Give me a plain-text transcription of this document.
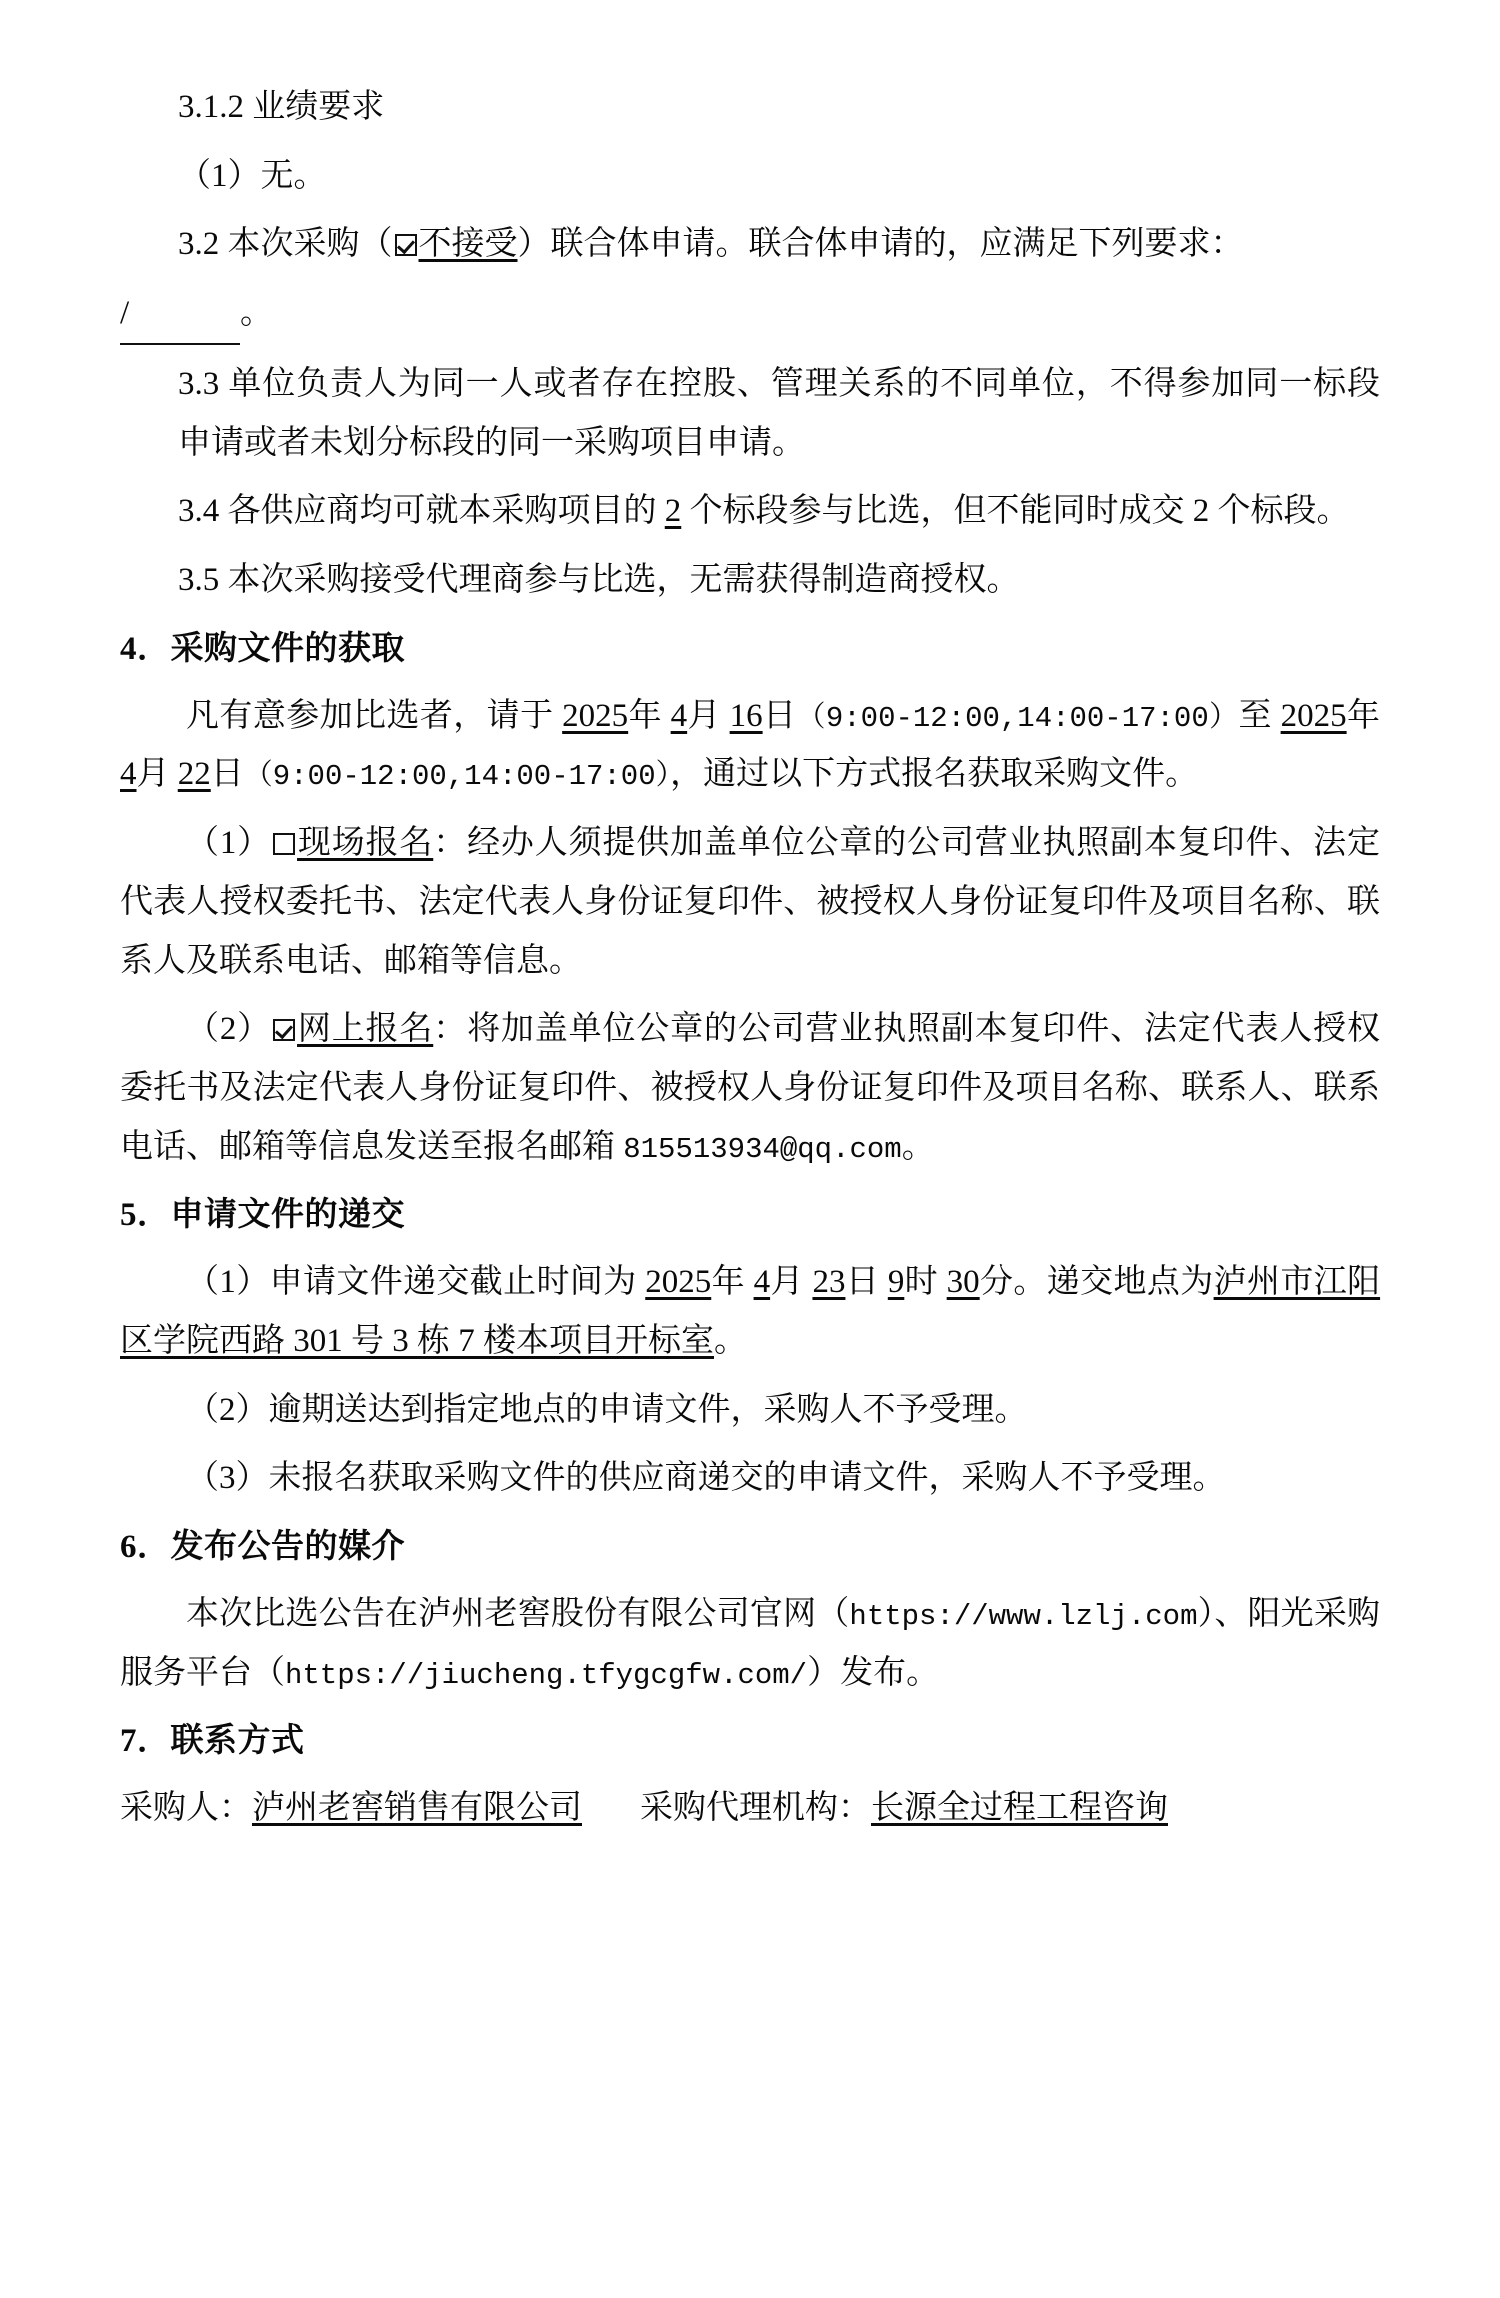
3.1.2 业绩要求

（1）无。

3.2 本次采购（ 不接受）联合体申请。联合体申请的，应满足下列要求：

/	。

3.3 单位负责人为同一人或者存在控股、管理关系的不同单位，不得参加同一标段申请或者未划分标段的同一采购项目申请。

3.4 各供应商均可就本采购项目的 2 个标段参与比选，但不能同时成交 2 个标段。

3.5 本次采购接受代理商参与比选，无需获得制造商授权。

4．采购文件的获取

凡有意参加比选者，请于 2025年 4月 16日（9:00-12:00,14:00-17:00）至 2025年 4月 22日（9:00-12:00,14:00-17:00），通过以下方式报名获取采购文件。

（1） 现场报名：经办人须提供加盖单位公章的公司营业执照副本复印件、法定代表人授权委托书、法定代表人身份证复印件、被授权人身份证复印件及项目名称、联系人及联系电话、邮箱等信息。

（2） 网上报名：将加盖单位公章的公司营业执照副本复印件、法定代表人授权委托书及法定代表人身份证复印件、被授权人身份证复印件及项目名称、联系人、联系电话、邮箱等信息发送至报名邮箱 815513934@qq.com。

5．申请文件的递交

（1）申请文件递交截止时间为 2025年 4月 23日 9时 30分。递交地点为泸州市江阳区学院西路 301 号 3 栋 7 楼本项目开标室。

（2）逾期送达到指定地点的申请文件，采购人不予受理。

（3）未报名获取采购文件的供应商递交的申请文件，采购人不予受理。

6．发布公告的媒介

本次比选公告在泸州老窖股份有限公司官网（https://www.lzlj.com）、阳光采购服务平台（https://jiucheng.tfygcgfw.com/）发布。

7．联系方式

采购人：泸州老窖销售有限公司	采购代理机构：长源全过程工程咨询
